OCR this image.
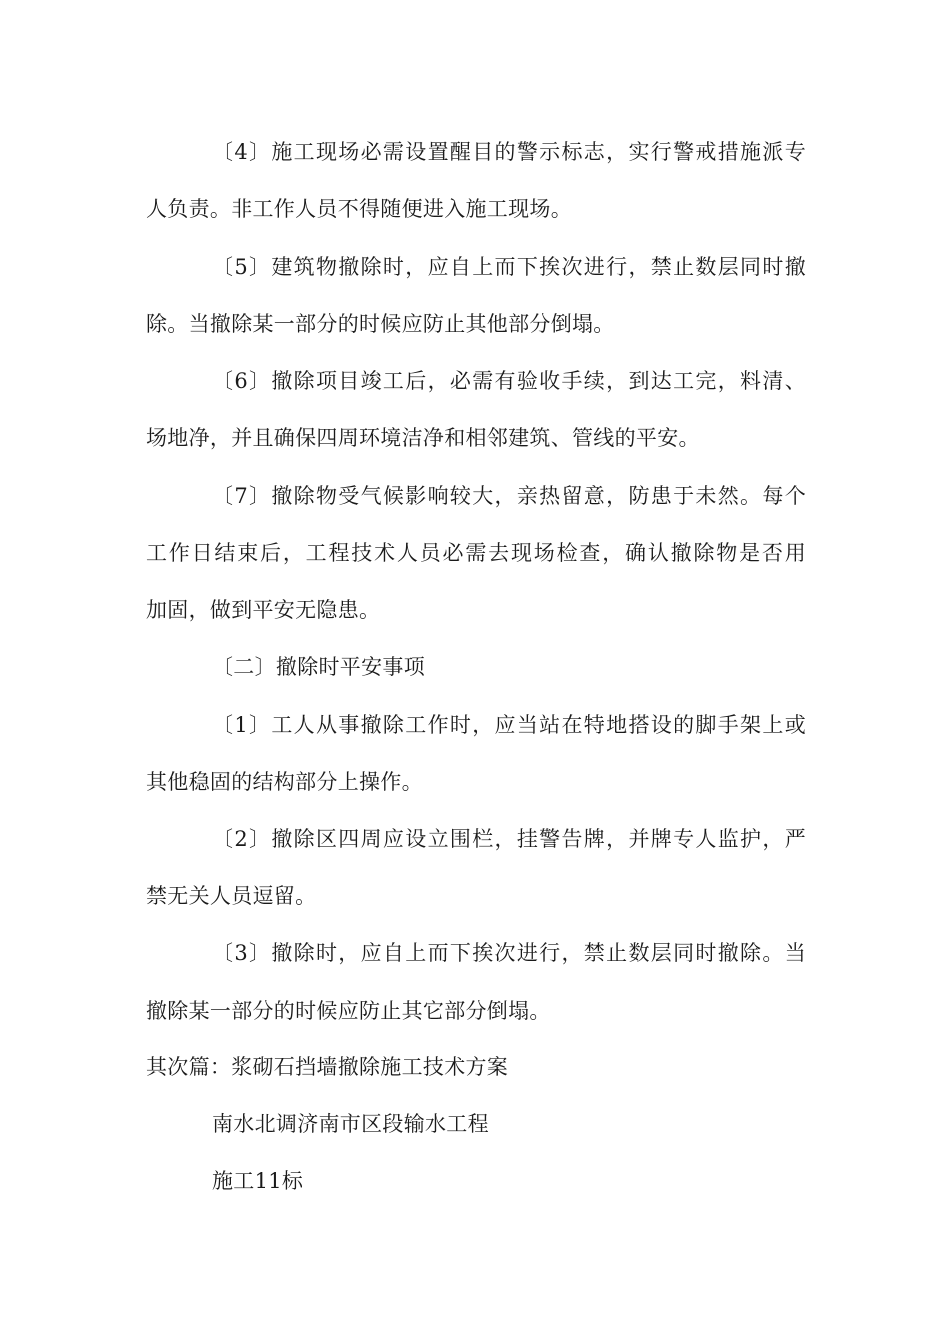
〔4〕施工现场必需设置醒目的警示标志，实行警戒措施派专
人负责。非工作人员不得随便进入施工现场。
〔5〕建筑物撤除时，应自上而下挨次进行，禁止数层同时撤
除。当撤除某一部分的时候应防止其他部分倒塌。
〔6〕撤除项目竣工后，必需有验收手续，到达工完，料清、
场地净，并且确保四周环境洁净和相邻建筑、管线的平安。
〔7〕撤除物受气候影响较大，亲热留意，防患于未然。每个
工作日结束后，工程技术人员必需去现场检查，确认撤除物是否用
加固，做到平安无隐患。
〔二〕撤除时平安事项
〔1〕工人从事撤除工作时，应当站在特地搭设的脚手架上或
其他稳固的结构部分上操作。
〔2〕撤除区四周应设立围栏，挂警告牌，并牌专人监护，严
禁无关人员逗留。
〔3〕撤除时，应自上而下挨次进行，禁止数层同时撤除。当
撤除某一部分的时候应防止其它部分倒塌。
其次篇：浆砌石挡墙撤除施工技术方案
南水北调济南市区段输水工程
施工11标
